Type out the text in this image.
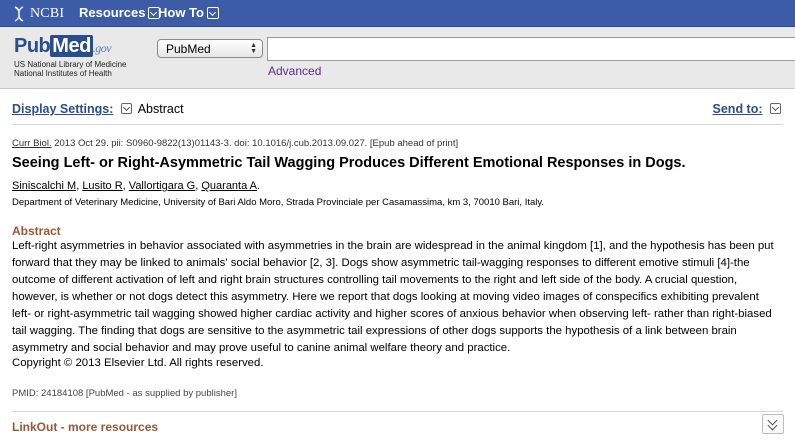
NCBI Resources How To
Pub Med .gov
US National Library of Medicine
National Institutes of Health
PubMed	▲
▼
Advanced
Display Settings: Abstract	Send to:
Curr Biol. 2013 Oct 29. pii: S0960-9822(13)01143-3. doi: 10.1016/j.cub.2013.09.027. [Epub ahead of print]
Seeing Left- or Right-Asymmetric Tail Wagging Produces Different Emotional Responses in Dogs.
Siniscalchi M, Lusito R, Vallortigara G, Quaranta A.
Department of Veterinary Medicine, University of Bari Aldo Moro, Strada Provinciale per Casamassima, km 3, 70010 Bari, Italy.
Abstract
Left-right asymmetries in behavior associated with asymmetries in the brain are widespread in the animal kingdom [1], and the hypothesis has been put forward that they may be linked to animals' social behavior [2, 3]. Dogs show asymmetric tail-wagging responses to different emotive stimuli [4]-the outcome of different activation of left and right brain structures controlling tail movements to the right and left side of the body. A crucial question, however, is whether or not dogs detect this asymmetry. Here we report that dogs looking at moving video images of conspecifics exhibiting prevalent left- or right-asymmetric tail wagging showed higher cardiac activity and higher scores of anxious behavior when observing left- rather than right-biased tail wagging. The finding that dogs are sensitive to the asymmetric tail expressions of other dogs supports the hypothesis of a link between brain asymmetry and social behavior and may prove useful to canine animal welfare theory and practice.
Copyright © 2013 Elsevier Ltd. All rights reserved.
PMID: 24184108 [PubMed - as supplied by publisher]
LinkOut - more resources
